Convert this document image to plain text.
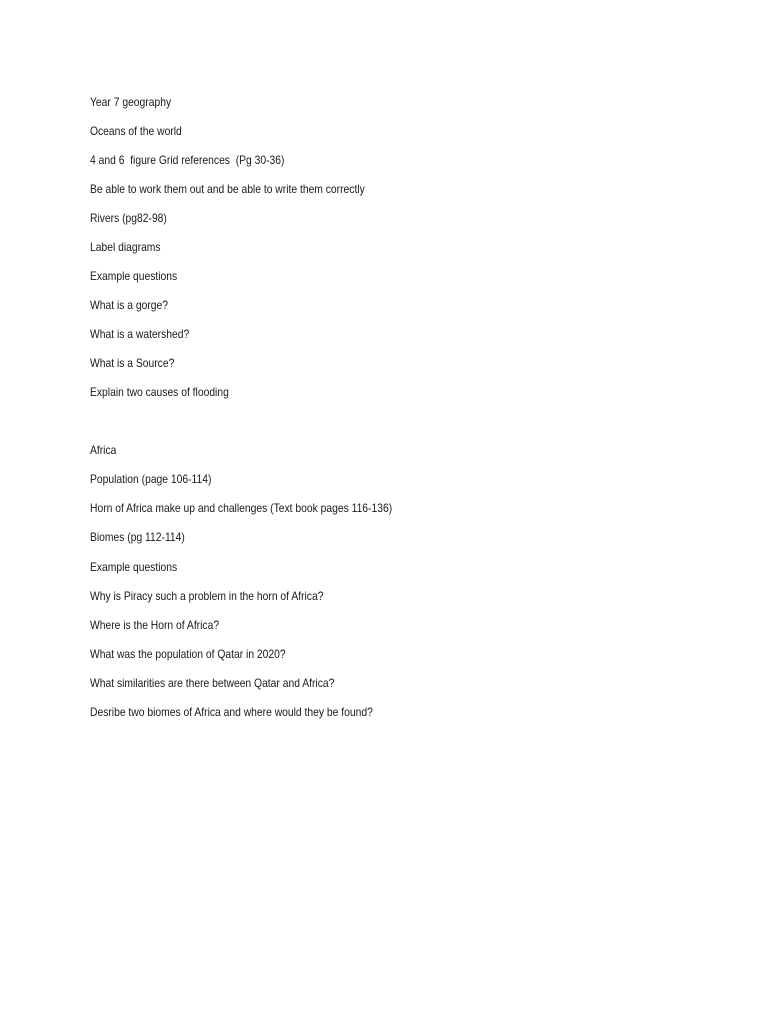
Year 7 geography

Oceans of the world

4 and 6  figure Grid references  (Pg 30-36)

Be able to work them out and be able to write them correctly

Rivers (pg82-98)

Label diagrams

Example questions

What is a gorge?

What is a watershed?

What is a Source?

Explain two causes of flooding

Africa

Population (page 106-114)

Horn of Africa make up and challenges (Text book pages 116-136)

Biomes (pg 112-114)

Example questions

Why is Piracy such a problem in the horn of Africa?

Where is the Horn of Africa?

What was the population of Qatar in 2020?

What similarities are there between Qatar and Africa?

Desribe two biomes of Africa and where would they be found?
